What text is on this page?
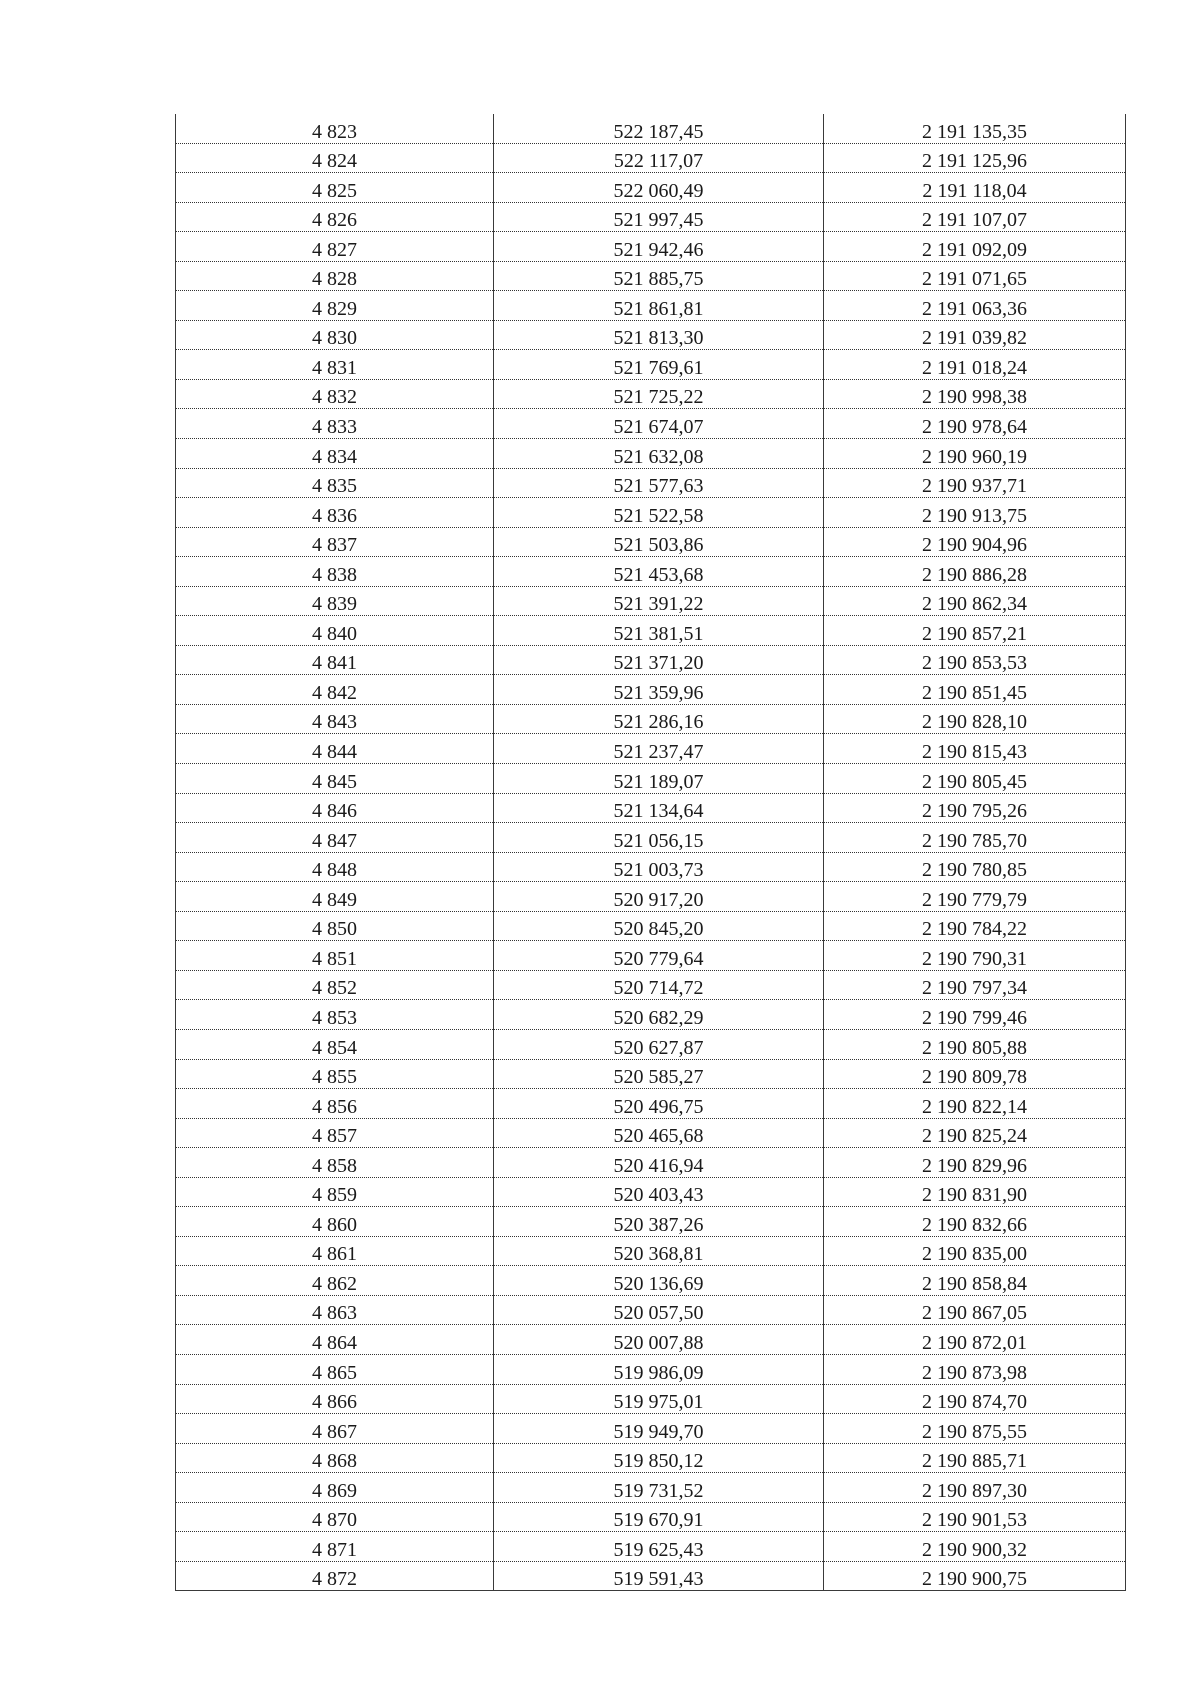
4 823	522 187,45	2 191 135,35
4 824	522 117,07	2 191 125,96
4 825	522 060,49	2 191 118,04
4 826	521 997,45	2 191 107,07
4 827	521 942,46	2 191 092,09
4 828	521 885,75	2 191 071,65
4 829	521 861,81	2 191 063,36
4 830	521 813,30	2 191 039,82
4 831	521 769,61	2 191 018,24
4 832	521 725,22	2 190 998,38
4 833	521 674,07	2 190 978,64
4 834	521 632,08	2 190 960,19
4 835	521 577,63	2 190 937,71
4 836	521 522,58	2 190 913,75
4 837	521 503,86	2 190 904,96
4 838	521 453,68	2 190 886,28
4 839	521 391,22	2 190 862,34
4 840	521 381,51	2 190 857,21
4 841	521 371,20	2 190 853,53
4 842	521 359,96	2 190 851,45
4 843	521 286,16	2 190 828,10
4 844	521 237,47	2 190 815,43
4 845	521 189,07	2 190 805,45
4 846	521 134,64	2 190 795,26
4 847	521 056,15	2 190 785,70
4 848	521 003,73	2 190 780,85
4 849	520 917,20	2 190 779,79
4 850	520 845,20	2 190 784,22
4 851	520 779,64	2 190 790,31
4 852	520 714,72	2 190 797,34
4 853	520 682,29	2 190 799,46
4 854	520 627,87	2 190 805,88
4 855	520 585,27	2 190 809,78
4 856	520 496,75	2 190 822,14
4 857	520 465,68	2 190 825,24
4 858	520 416,94	2 190 829,96
4 859	520 403,43	2 190 831,90
4 860	520 387,26	2 190 832,66
4 861	520 368,81	2 190 835,00
4 862	520 136,69	2 190 858,84
4 863	520 057,50	2 190 867,05
4 864	520 007,88	2 190 872,01
4 865	519 986,09	2 190 873,98
4 866	519 975,01	2 190 874,70
4 867	519 949,70	2 190 875,55
4 868	519 850,12	2 190 885,71
4 869	519 731,52	2 190 897,30
4 870	519 670,91	2 190 901,53
4 871	519 625,43	2 190 900,32
4 872	519 591,43	2 190 900,75
